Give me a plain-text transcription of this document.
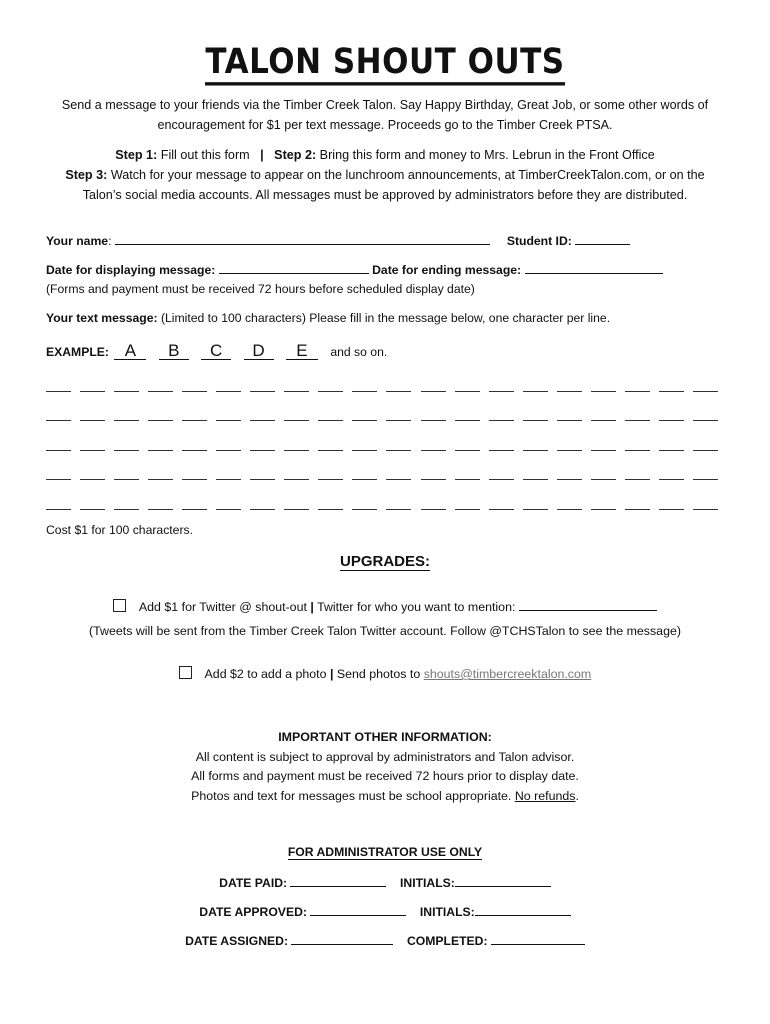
TALON SHOUT OUTS
Send a message to your friends via the Timber Creek Talon. Say Happy Birthday, Great Job, or some other words of
encouragement for $1 per text message. Proceeds go to the Timber Creek PTSA.
Step 1: Fill out this form | Step 2: Bring this form and money to Mrs. Lebrun in the Front Office
Step 3: Watch for your message to appear on the lunchroom announcements, at TimberCreekTalon.com, or on the
Talon’s social media accounts. All messages must be approved by administrators before they are distributed.
Your name:	Student ID:
Date for displaying message:	Date for ending message:
(Forms and payment must be received 72 hours before scheduled display date)
Your text message: (Limited to 100 characters) Please fill in the message below, one character per line.
EXAMPLE: A B C D E and so on.
Cost $1 for 100 characters.
UPGRADES:
Add $1 for Twitter @ shout-out | Twitter for who you want to mention:
(Tweets will be sent from the Timber Creek Talon Twitter account. Follow @TCHSTalon to see the message)
Add $2 to add a photo | Send photos to shouts@timbercreektalon.com
IMPORTANT OTHER INFORMATION:
All content is subject to approval by administrators and Talon advisor.
All forms and payment must be received 72 hours prior to display date.
Photos and text for messages must be school appropriate. No refunds.
FOR ADMINISTRATOR USE ONLY
DATE PAID:	INITIALS:
DATE APPROVED:	INITIALS:
DATE ASSIGNED:	COMPLETED:
